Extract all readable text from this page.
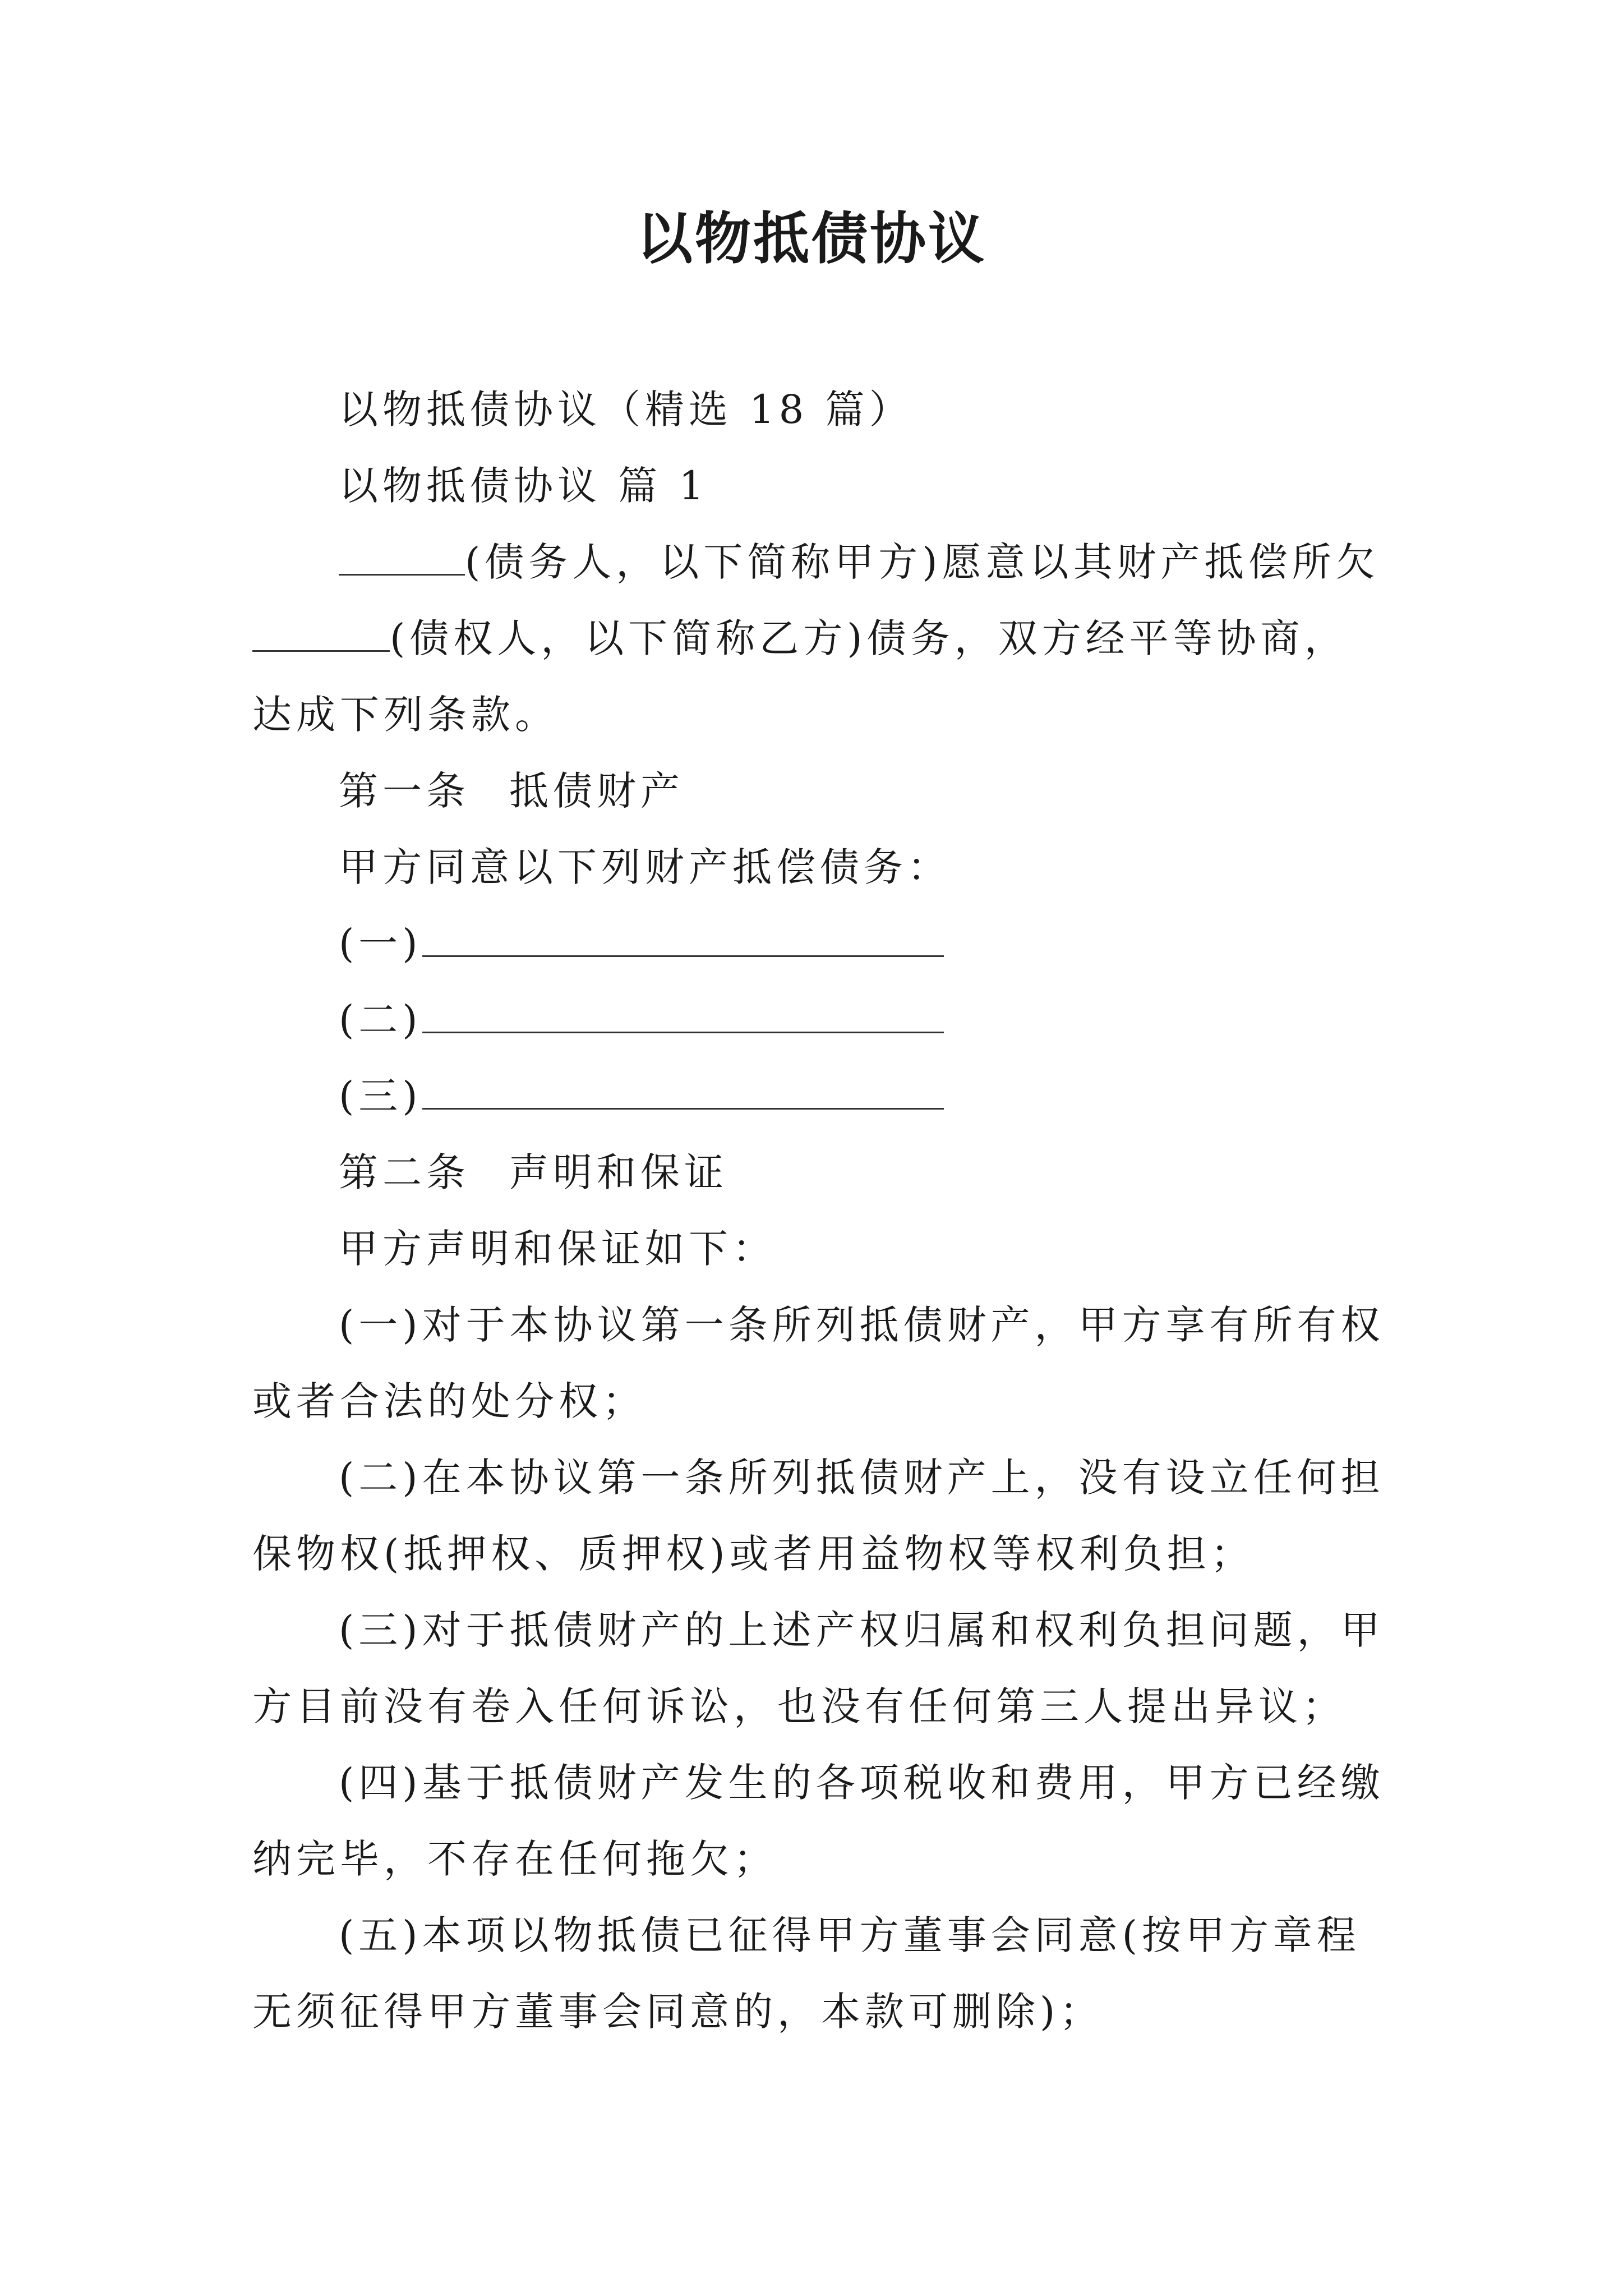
以物抵债协议
以物抵债协议（精选 18 篇）
以物抵债协议 篇 1
(债务人，以下简称甲方)愿意以其财产抵偿所欠
(债权人，以下简称乙方)债务，双方经平等协商，
达成下列条款。
第一条 抵债财产
甲方同意以下列财产抵偿债务：
(一)
(二)
(三)
第二条 声明和保证
甲方声明和保证如下：
(一)对于本协议第一条所列抵债财产，甲方享有所有权
或者合法的处分权；
(二)在本协议第一条所列抵债财产上，没有设立任何担
保物权(抵押权、质押权)或者用益物权等权利负担；
(三)对于抵债财产的上述产权归属和权利负担问题，甲
方目前没有卷入任何诉讼，也没有任何第三人提出异议；
(四)基于抵债财产发生的各项税收和费用，甲方已经缴
纳完毕，不存在任何拖欠；
(五)本项以物抵债已征得甲方董事会同意(按甲方章程
无须征得甲方董事会同意的，本款可删除)；
